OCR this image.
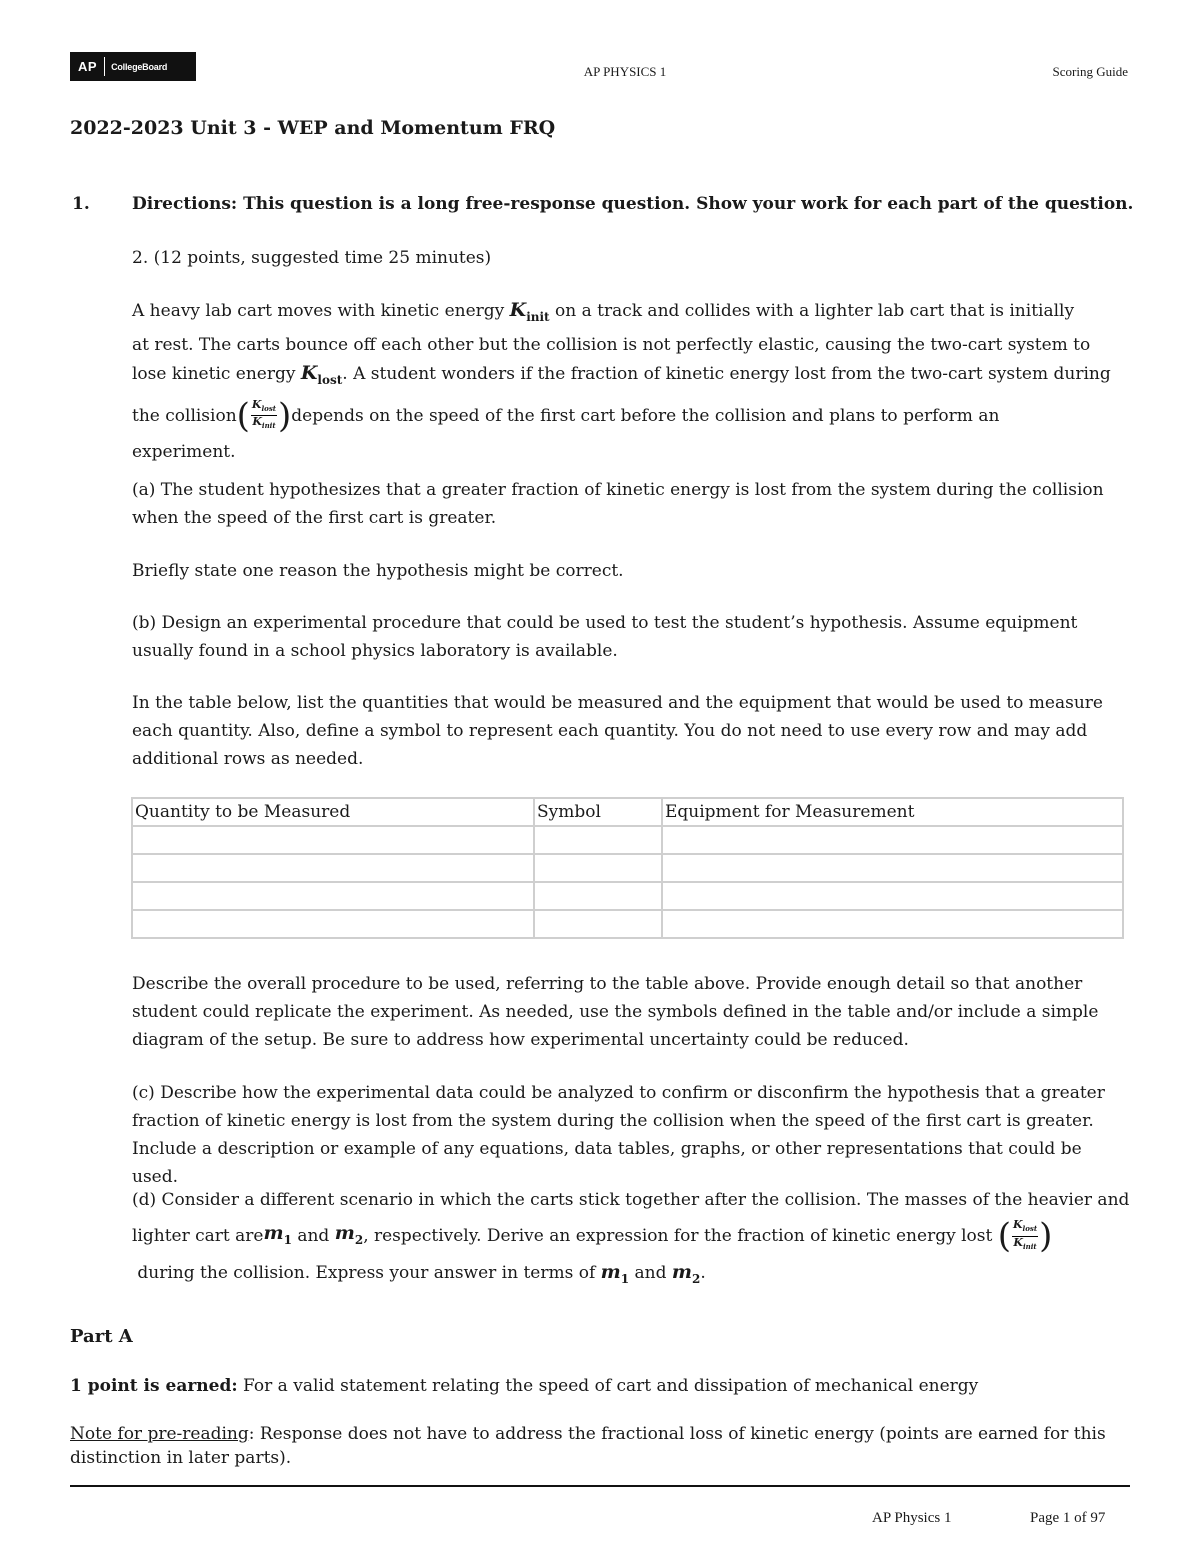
AP CollegeBoard	AP PHYSICS 1	Scoring Guide
2022-2023 Unit 3 - WEP and Momentum FRQ
1. Directions: This question is a long free-response question. Show your work for each part of the question.
2. (12 points, suggested time 25 minutes)
A heavy lab cart moves with kinetic energy $K_{init}$ on a track and collides with a lighter lab cart that is initially
at rest. The carts bounce off each other but the collision is not perfectly elastic, causing the two-cart system to
lose kinetic energy $K_{lost}$. A student wonders if the fraction of kinetic energy lost from the two-cart system during
the collision ( $K_{lost}$
$K_{init}$ ) depends on the speed of the first cart before the collision and plans to perform an
experiment.
(a) The student hypothesizes that a greater fraction of kinetic energy is lost from the system during the collision
when the speed of the first cart is greater.
Briefly state one reason the hypothesis might be correct.
(b) Design an experimental procedure that could be used to test the student’s hypothesis. Assume equipment
usually found in a school physics laboratory is available.
In the table below, list the quantities that would be measured and the equipment that would be used to measure
each quantity. Also, define a symbol to represent each quantity. You do not need to use every row and may add
additional rows as needed.
Quantity to be Measured	Symbol	Equipment for Measurement

Describe the overall procedure to be used, referring to the table above. Provide enough detail so that another
student could replicate the experiment. As needed, use the symbols defined in the table and/or include a simple
diagram of the setup. Be sure to address how experimental uncertainty could be reduced.
(c) Describe how the experimental data could be analyzed to confirm or disconfirm the hypothesis that a greater
fraction of kinetic energy is lost from the system during the collision when the speed of the first cart is greater.
Include a description or example of any equations, data tables, graphs, or other representations that could be used.
(d) Consider a different scenario in which the carts stick together after the collision. The masses of the heavier and
lighter cart are $m_1$ and $m_2$ , respectively. Derive an expression for the fraction of kinetic energy lost ( $K_{lost}$
$K_{init}$ )
during the collision. Express your answer in terms of $m_1$ and $m_2$.
Part A
1 point is earned: For a valid statement relating the speed of cart and dissipation of mechanical energy
Note for pre-reading: Response does not have to address the fractional loss of kinetic energy (points are earned for this distinction in later parts).
AP Physics 1	Page 1 of 97
